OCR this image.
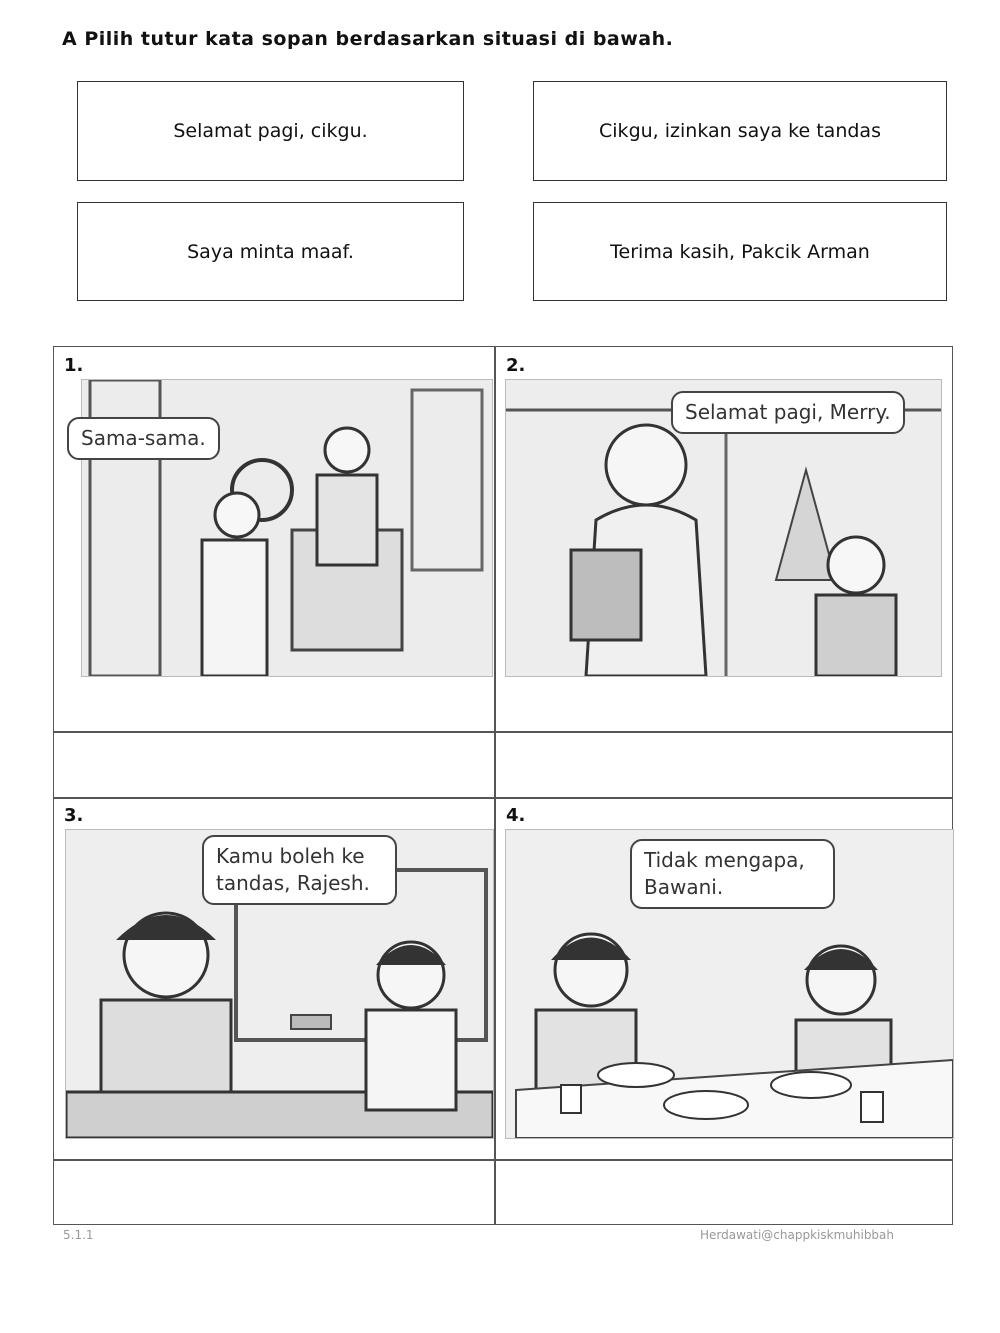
A Pilih tutur kata sopan berdasarkan situasi di bawah.
Selamat pagi, cikgu.	Cikgu, izinkan saya ke tandas
Saya minta maaf.	Terima kasih, Pakcik Arman
1.
Sama-sama.
2.
Selamat pagi, Merry.
3.
Kamu boleh ke tandas, Rajesh.
4.
Tidak mengapa, Bawani.
5.1.1	Herdawati@chappkiskmuhibbah
